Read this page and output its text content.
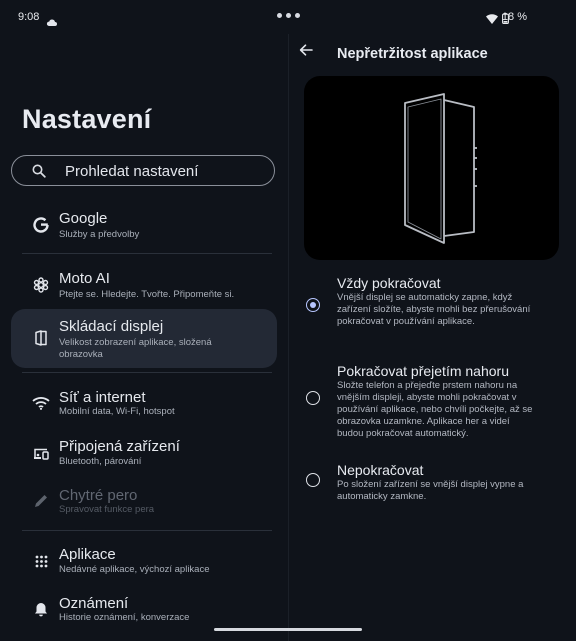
9:08	18 %
Nastavení
Prohledat nastavení
Google
Služby a předvolby
Moto AI
Ptejte se. Hledejte. Tvořte. Připomeňte si.
Skládací displej
Velikost zobrazení aplikace, složená obrazovka
Síť a internet
Mobilní data, Wi-Fi, hotspot
Připojená zařízení
Bluetooth, párování
Chytré pero
Spravovat funkce pera
Aplikace
Nedávné aplikace, výchozí aplikace
Oznámení
Historie oznámení, konverzace
Nepřetržitost aplikace
Vždy pokračovat
Vnější displej se automaticky zapne, když zařízení složíte, abyste mohli bez přerušování pokračovat v používání aplikace.
Pokračovat přejetím nahoru
Složte telefon a přejeďte prstem nahoru na vnějším displeji, abyste mohli pokračovat v používání aplikace, nebo chvíli počkejte, až se obrazovka uzamkne. Aplikace her a videí budou pokračovat automatický.
Nepokračovat
Po složení zařízení se vnější displej vypne a automaticky zamkne.
